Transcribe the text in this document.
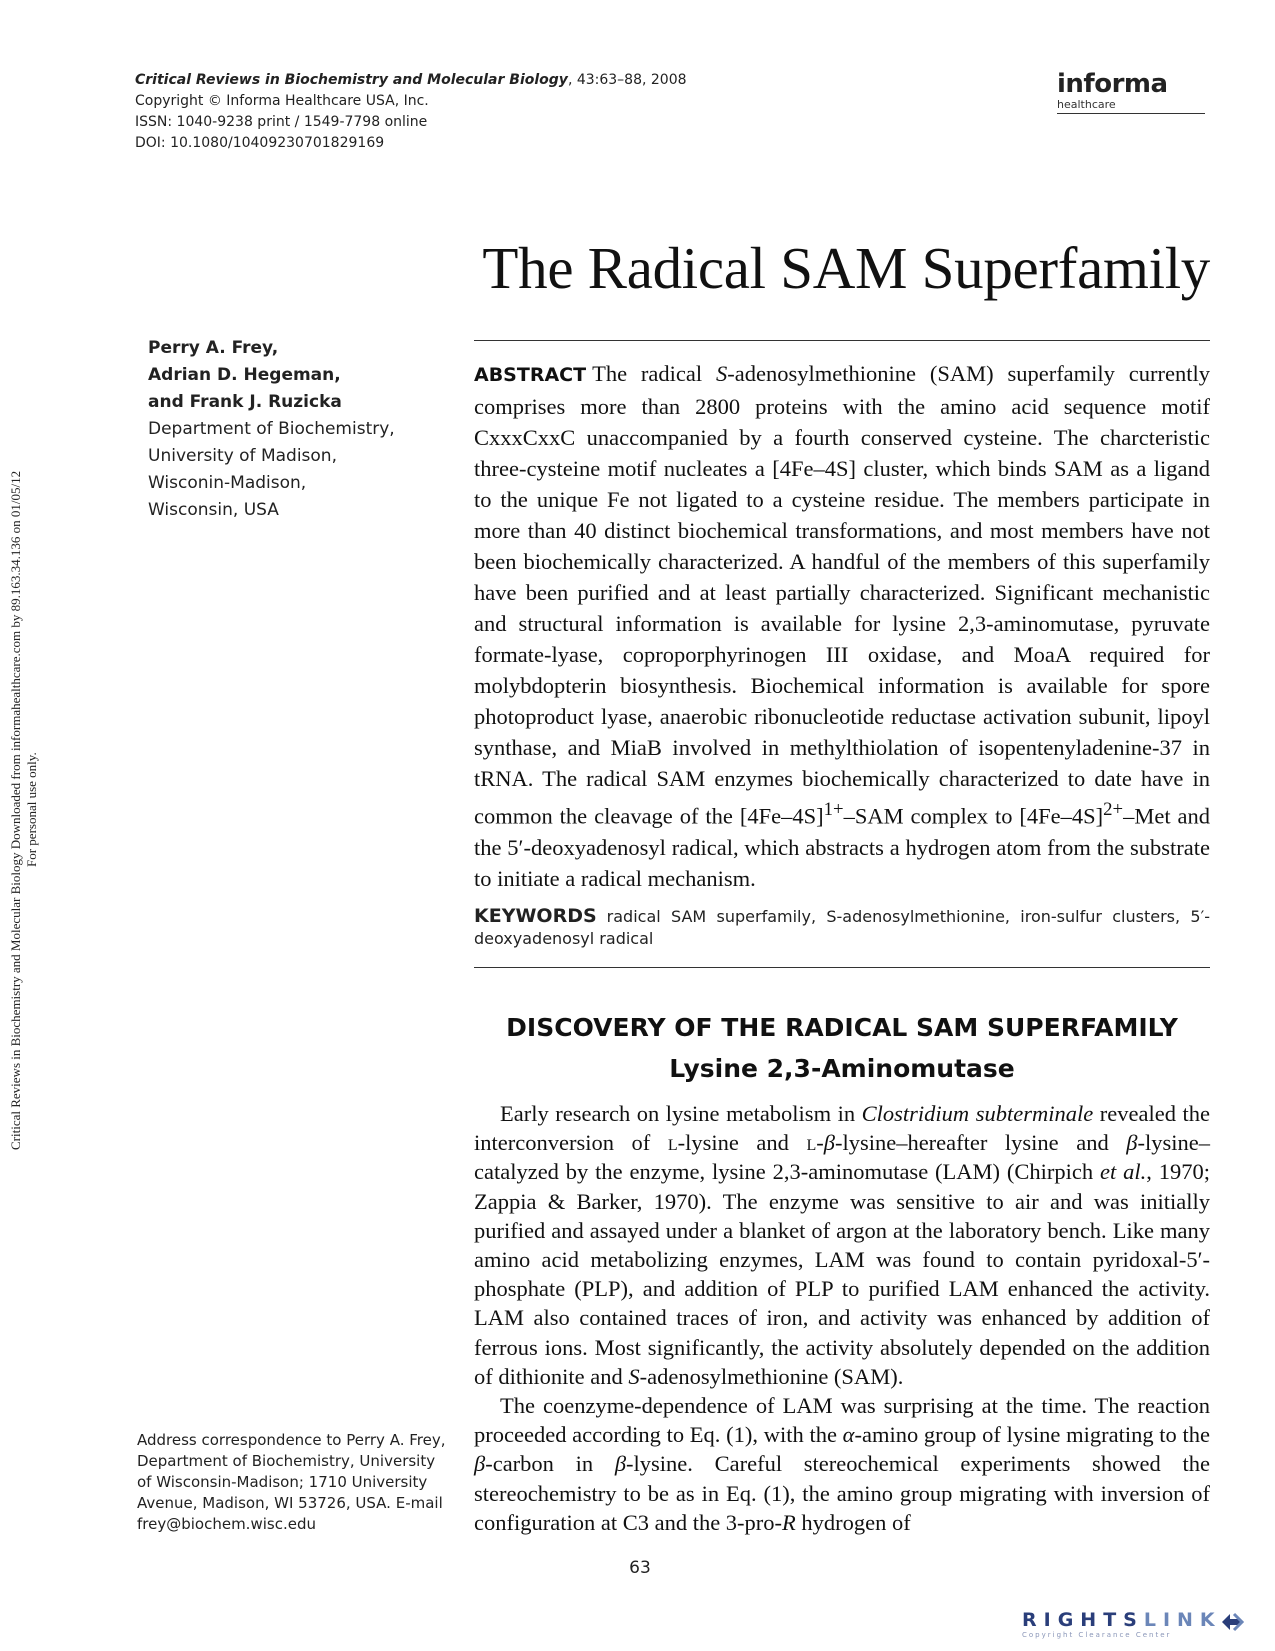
Critical Reviews in Biochemistry and Molecular Biology Downloaded from informahealthcare.com by 89.163.34.136 on 01/05/12 For personal use only.
Critical Reviews in Biochemistry and Molecular Biology, 43:63–88, 2008
Copyright © Informa Healthcare USA, Inc.
ISSN: 1040-9238 print / 1549-7798 online
DOI: 10.1080/10409230701829169
informa
healthcare
The Radical SAM Superfamily
Perry A. Frey,
Adrian D. Hegeman,
and Frank J. Ruzicka
Department of Biochemistry,
University of Madison,
Wisconin-Madison,
Wisconsin, USA
ABSTRACT The radical S-adenosylmethionine (SAM) superfamily currently comprises more than 2800 proteins with the amino acid sequence motif CxxxCxxC unaccompanied by a fourth conserved cysteine. The charcteristic three-cysteine motif nucleates a [4Fe–4S] cluster, which binds SAM as a ligand to the unique Fe not ligated to a cysteine residue. The members participate in more than 40 distinct biochemical transformations, and most members have not been biochemically characterized. A handful of the members of this superfamily have been purified and at least partially characterized. Significant mechanistic and structural information is available for lysine 2,3-aminomutase, pyruvate formate-lyase, coproporphyrinogen III oxidase, and MoaA required for molybdopterin biosynthesis. Biochemical information is available for spore photoproduct lyase, anaerobic ribonucleotide reductase activation subunit, lipoyl synthase, and MiaB involved in methylthiolation of isopentenyladenine-37 in tRNA. The radical SAM enzymes biochemically characterized to date have in common the cleavage of the $[4Fe-4S]^{1+}$–SAM complex to $[4Fe-4S]^{2+}$–Met and the 5′-deoxyadenosyl radical, which abstracts a hydrogen atom from the substrate to initiate a radical mechanism.
KEYWORDS radical SAM superfamily, S-adenosylmethionine, iron-sulfur clusters, 5′-deoxyadenosyl radical
DISCOVERY OF THE RADICAL SAM SUPERFAMILY
Lysine 2,3-Aminomutase

Early research on lysine metabolism in Clostridium subterminale revealed the interconversion of l-lysine and l-β-lysine–hereafter lysine and β-lysine–catalyzed by the enzyme, lysine 2,3-aminomutase (LAM) (Chirpich et al., 1970; Zappia & Barker, 1970). The enzyme was sensitive to air and was initially purified and assayed under a blanket of argon at the laboratory bench. Like many amino acid metabolizing enzymes, LAM was found to contain pyridoxal-5′-phosphate (PLP), and addition of PLP to purified LAM enhanced the activity. LAM also contained traces of iron, and activity was enhanced by addition of ferrous ions. Most significantly, the activity absolutely depended on the addition of dithionite and S-adenosylmethionine (SAM).

The coenzyme-dependence of LAM was surprising at the time. The reaction proceeded according to Eq. (1), with the α-amino group of lysine migrating to the β-carbon in β-lysine. Careful stereochemical experiments showed the stereochemistry to be as in Eq. (1), the amino group migrating with inversion of configuration at C3 and the 3-pro-R hydrogen of

Address correspondence to Perry A. Frey, Department of Biochemistry, University of Wisconsin-Madison; 1710 University Avenue, Madison, WI 53726, USA. E-mail frey@biochem.wisc.edu
63
RIGHTSLINK
Copyright Clearance Center
